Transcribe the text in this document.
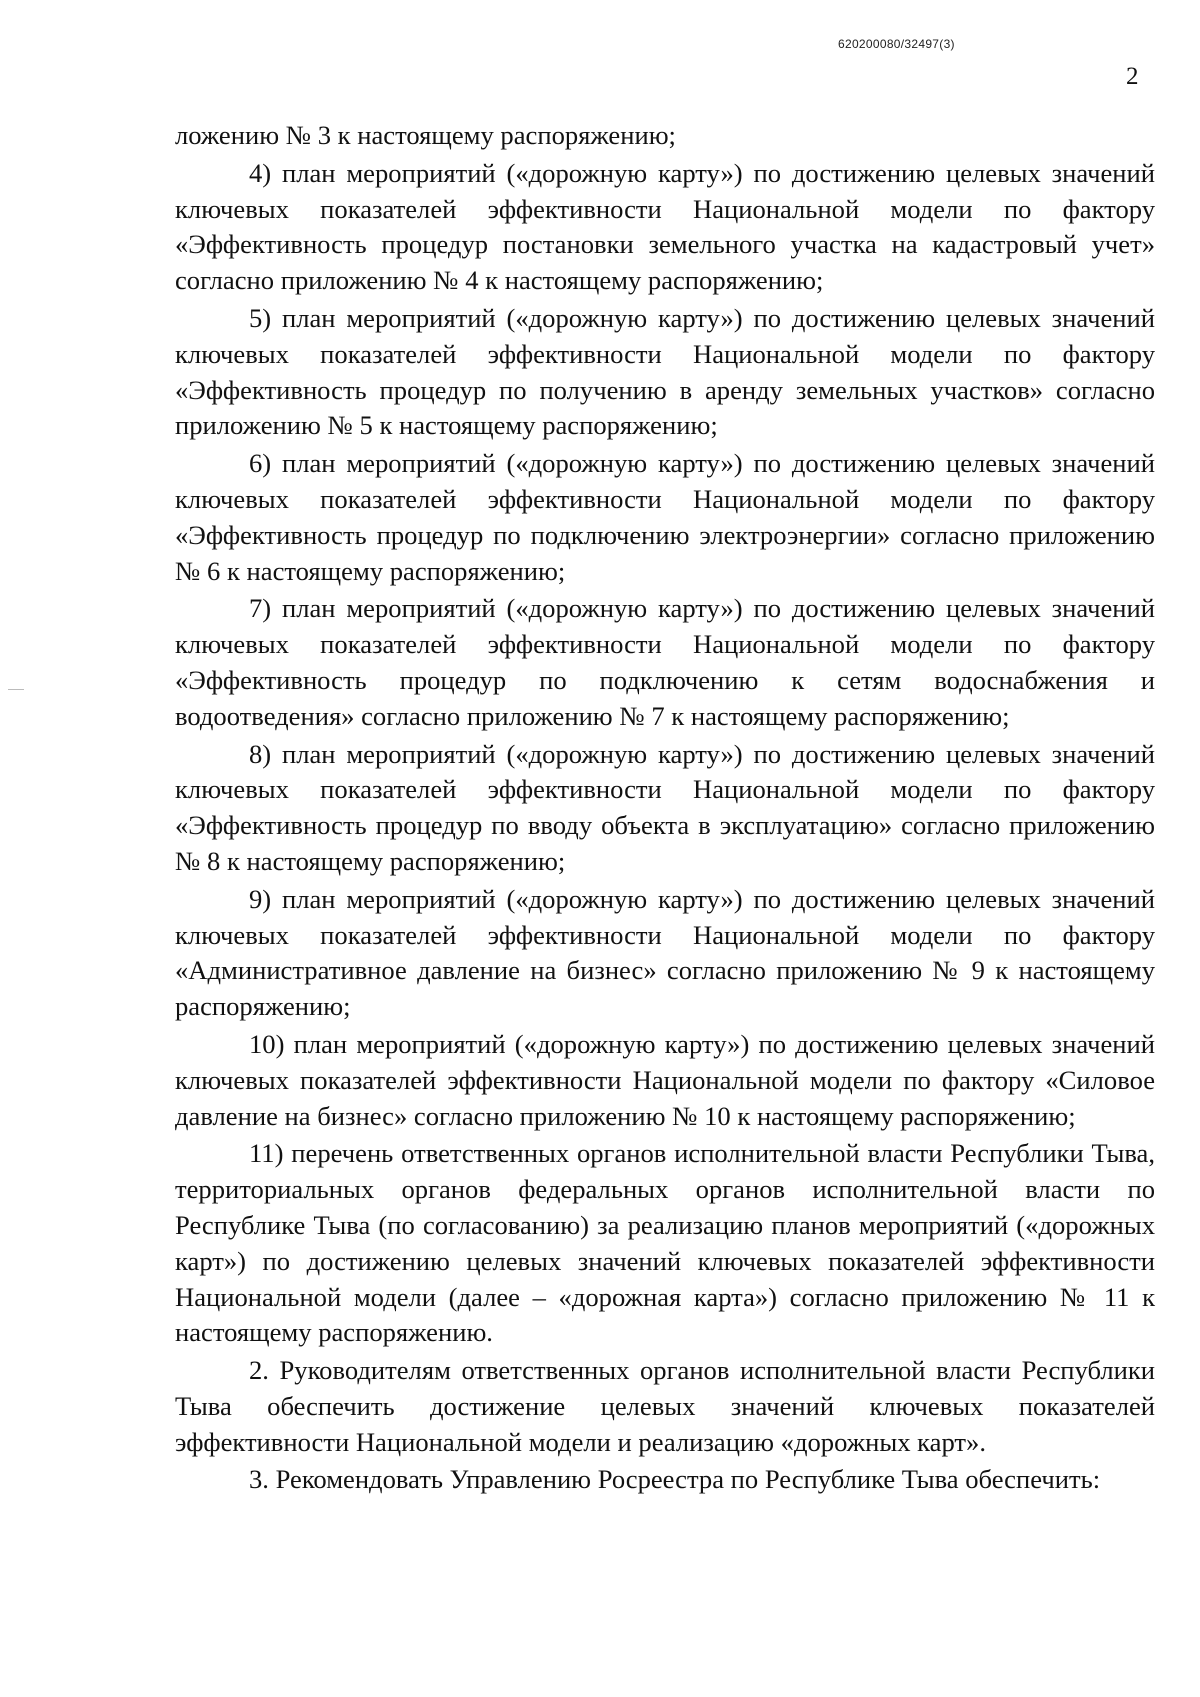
620200080/32497(3)
2

ложению № 3 к настоящему распоряжению;

4) план мероприятий («дорожную карту») по достижению целевых значений ключевых показателей эффективности Национальной модели по фактору «Эффективность процедур постановки земельного участка на кадастровый учет» согласно приложению № 4 к настоящему распоряжению;

5) план мероприятий («дорожную карту») по достижению целевых значений ключевых показателей эффективности Национальной модели по фактору «Эффективность процедур по получению в аренду земельных участков» согласно приложению № 5 к настоящему распоряжению;

6) план мероприятий («дорожную карту») по достижению целевых значений ключевых показателей эффективности Национальной модели по фактору «Эффективность процедур по подключению электроэнергии» согласно приложению № 6 к настоящему распоряжению;

7) план мероприятий («дорожную карту») по достижению целевых значений ключевых показателей эффективности Национальной модели по фактору «Эффективность процедур по подключению к сетям водоснабжения и водоотведения» согласно приложению № 7 к настоящему распоряжению;

8) план мероприятий («дорожную карту») по достижению целевых значений ключевых показателей эффективности Национальной модели по фактору «Эффективность процедур по вводу объекта в эксплуатацию» согласно приложению № 8 к настоящему распоряжению;

9) план мероприятий («дорожную карту») по достижению целевых значений ключевых показателей эффективности Национальной модели по фактору «Административное давление на бизнес» согласно приложению № 9 к настоящему распоряжению;

10) план мероприятий («дорожную карту») по достижению целевых значений ключевых показателей эффективности Национальной модели по фактору «Силовое давление на бизнес» согласно приложению № 10 к настоящему распоряжению;

11) перечень ответственных органов исполнительной власти Республики Тыва, территориальных органов федеральных органов исполнительной власти по Республике Тыва (по согласованию) за реализацию планов мероприятий («дорожных карт») по достижению целевых значений ключевых показателей эффективности Национальной модели (далее – «дорожная карта») согласно приложению № 11 к настоящему распоряжению.

2. Руководителям ответственных органов исполнительной власти Республики Тыва обеспечить достижение целевых значений ключевых показателей эффективности Национальной модели и реализацию «дорожных карт».

3. Рекомендовать Управлению Росреестра по Республике Тыва обеспечить:
